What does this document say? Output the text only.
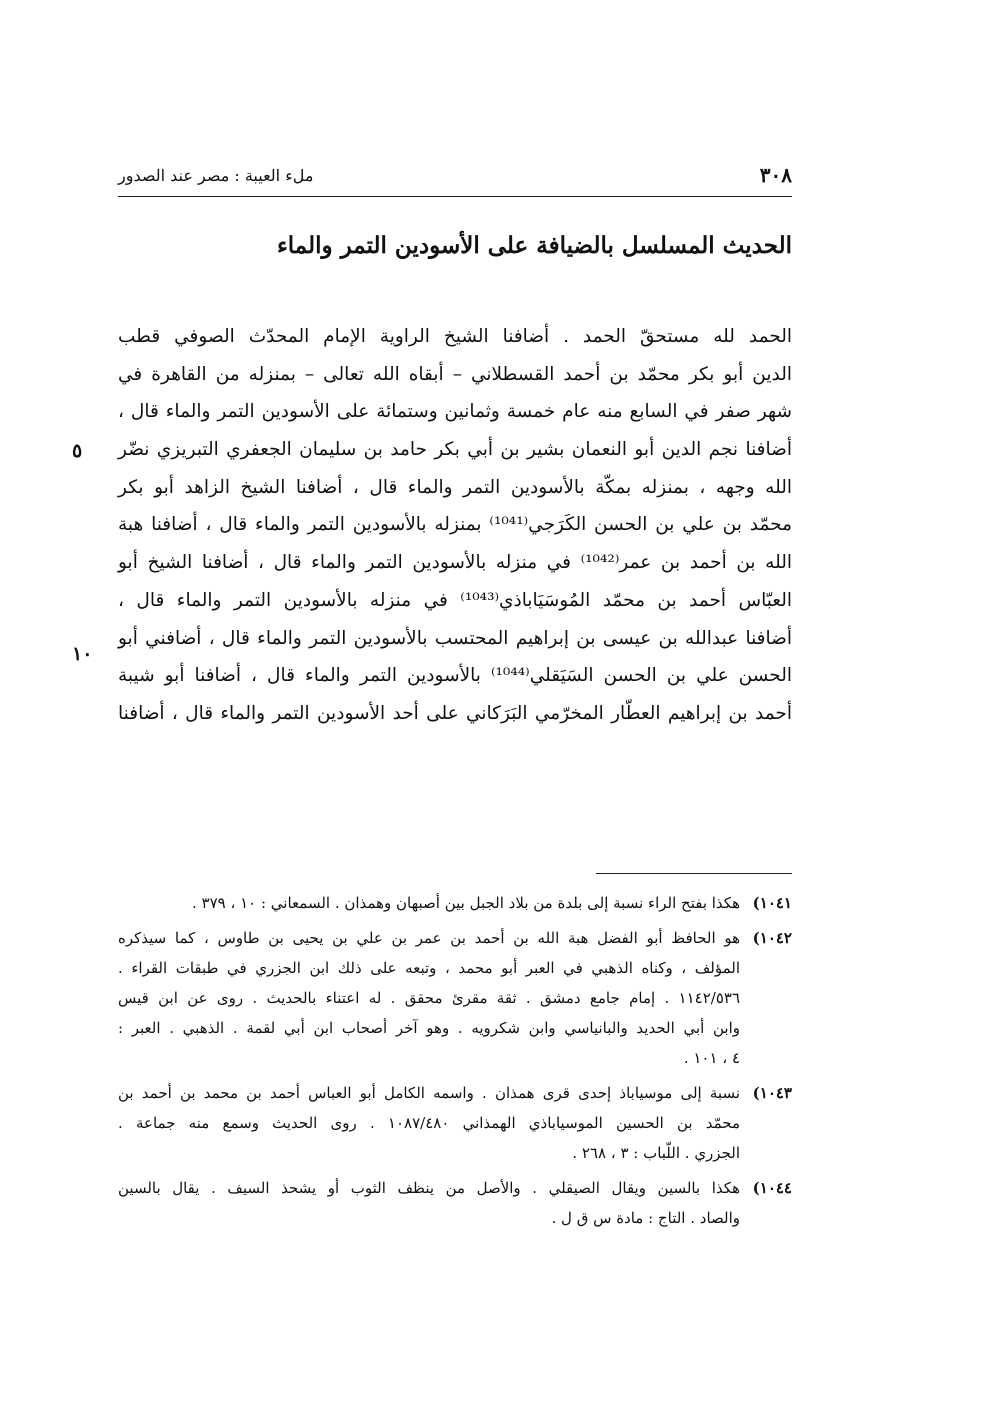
٣٠٨
ملء العيبة : مصر عند الصدور
الحديث المسلسل بالضيافة على الأسودين التمر والماء
الحمد لله مستحقّ الحمد . أضافنا الشيخ الراوية الإمام المحدّث الصوفي قطب
الدين أبو بكر محمّد بن أحمد القسطلاني – أبقاه الله تعالى – بمنزله من القاهرة في
شهر صفر في السابع منه عام خمسة وثمانين وستمائة على الأسودين التمر والماء قال ،
أضافنا نجم الدين أبو النعمان بشير بن أبي بكر حامد بن سليمان الجعفري التبريزي نضّر
الله وجهه ، بمنزله بمكّة بالأسودين التمر والماء قال ، أضافنا الشيخ الزاهد أبو بكر
محمّد بن علي بن الحسن الكَرَجي⁽¹⁰⁴¹⁾ بمنزله بالأسودين التمر والماء قال ، أضافنا هبة
الله بن أحمد بن عمر⁽¹⁰⁴²⁾ في منزله بالأسودين التمر والماء قال ، أضافنا الشيخ أبو
العبّاس أحمد بن محمّد المُوسَيَاباذي⁽¹⁰⁴³⁾ في منزله بالأسودين التمر والماء قال ،
أضافنا عبدالله بن عيسى بن إبراهيم المحتسب بالأسودين التمر والماء قال ، أضافني أبو
الحسن علي بن الحسن السَيَقلي⁽¹⁰⁴⁴⁾ بالأسودين التمر والماء قال ، أضافنا أبو شيبة
أحمد بن إبراهيم العطّار المخرّمي البَرَكاني على أحد الأسودين التمر والماء قال ، أضافنا
٥
١٠
١٠٤١)
هكذا بفتح الراء نسبة إلى بلدة من بلاد الجبل بين أصبهان وهمذان . السمعاني : ١٠ ، ٣٧٩ .
١٠٤٢)
هو الحافظ أبو الفضل هبة الله بن أحمد بن عمر بن علي بن يحيى بن طاوس ، كما سيذكره
المؤلف ، وكناه الذهبي في العبر أبو محمد ، وتبعه على ذلك ابن الجزري في طبقات القراء .
١١٤٢/٥٣٦ . إمام جامع دمشق . ثقة مقرئ محقق . له اعتناء بالحديث . روى عن ابن قيس
وابن أبي الحديد والبانياسي وابن شكرويه . وهو آخر أصحاب ابن أبي لقمة . الذهبي . العبر :
٤ ، ١٠١ .
١٠٤٣)
نسبة إلى موسياباذ إحدى قرى همذان . واسمه الكامل أبو العباس أحمد بن محمد بن أحمد بن
محمّد بن الحسين الموسياباذي الهمذاني ١٠٨٧/٤٨٠ . روى الحديث وسمع منه جماعة .
الجزري . اللّباب : ٣ ، ٢٦٨ .
١٠٤٤)
هكذا بالسين ويقال الصيقلي . والأصل من ينظف الثوب أو يشحذ السيف . يقال بالسين
والصاد . التاج : مادة س ق ل .
